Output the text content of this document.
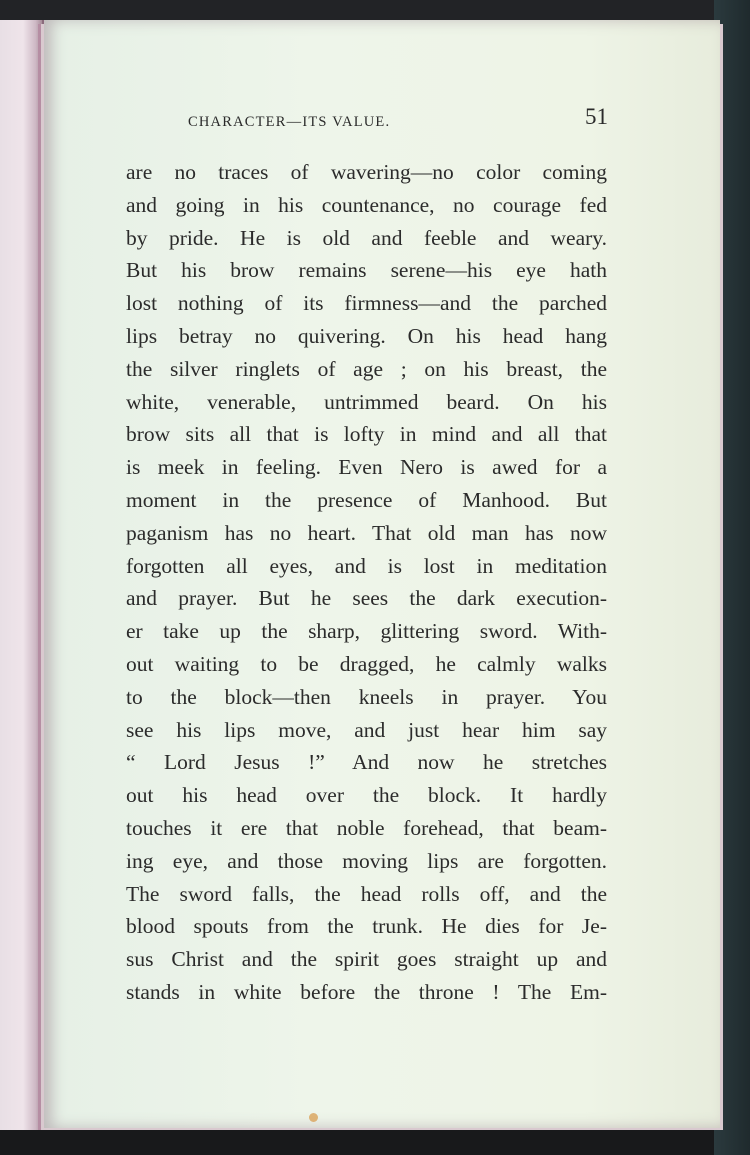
CHARACTER—ITS VALUE.	51
are no traces of wavering—no color coming
and going in his countenance, no courage fed
by pride. He is old and feeble and weary.
But his brow remains serene—his eye hath
lost nothing of its firmness—and the parched
lips betray no quivering. On his head hang
the silver ringlets of age ; on his breast, the
white, venerable, untrimmed beard. On his
brow sits all that is lofty in mind and all that
is meek in feeling. Even Nero is awed for a
moment in the presence of Manhood. But
paganism has no heart. That old man has now
forgotten all eyes, and is lost in meditation
and prayer. But he sees the dark execution-
er take up the sharp, glittering sword. With-
out waiting to be dragged, he calmly walks
to the block—then kneels in prayer. You
see his lips move, and just hear him say
“ Lord Jesus !” And now he stretches
out his head over the block. It hardly
touches it ere that noble forehead, that beam-
ing eye, and those moving lips are forgotten.
The sword falls, the head rolls off, and the
blood spouts from the trunk. He dies for Je-
sus Christ and the spirit goes straight up and
stands in white before the throne ! The Em-
